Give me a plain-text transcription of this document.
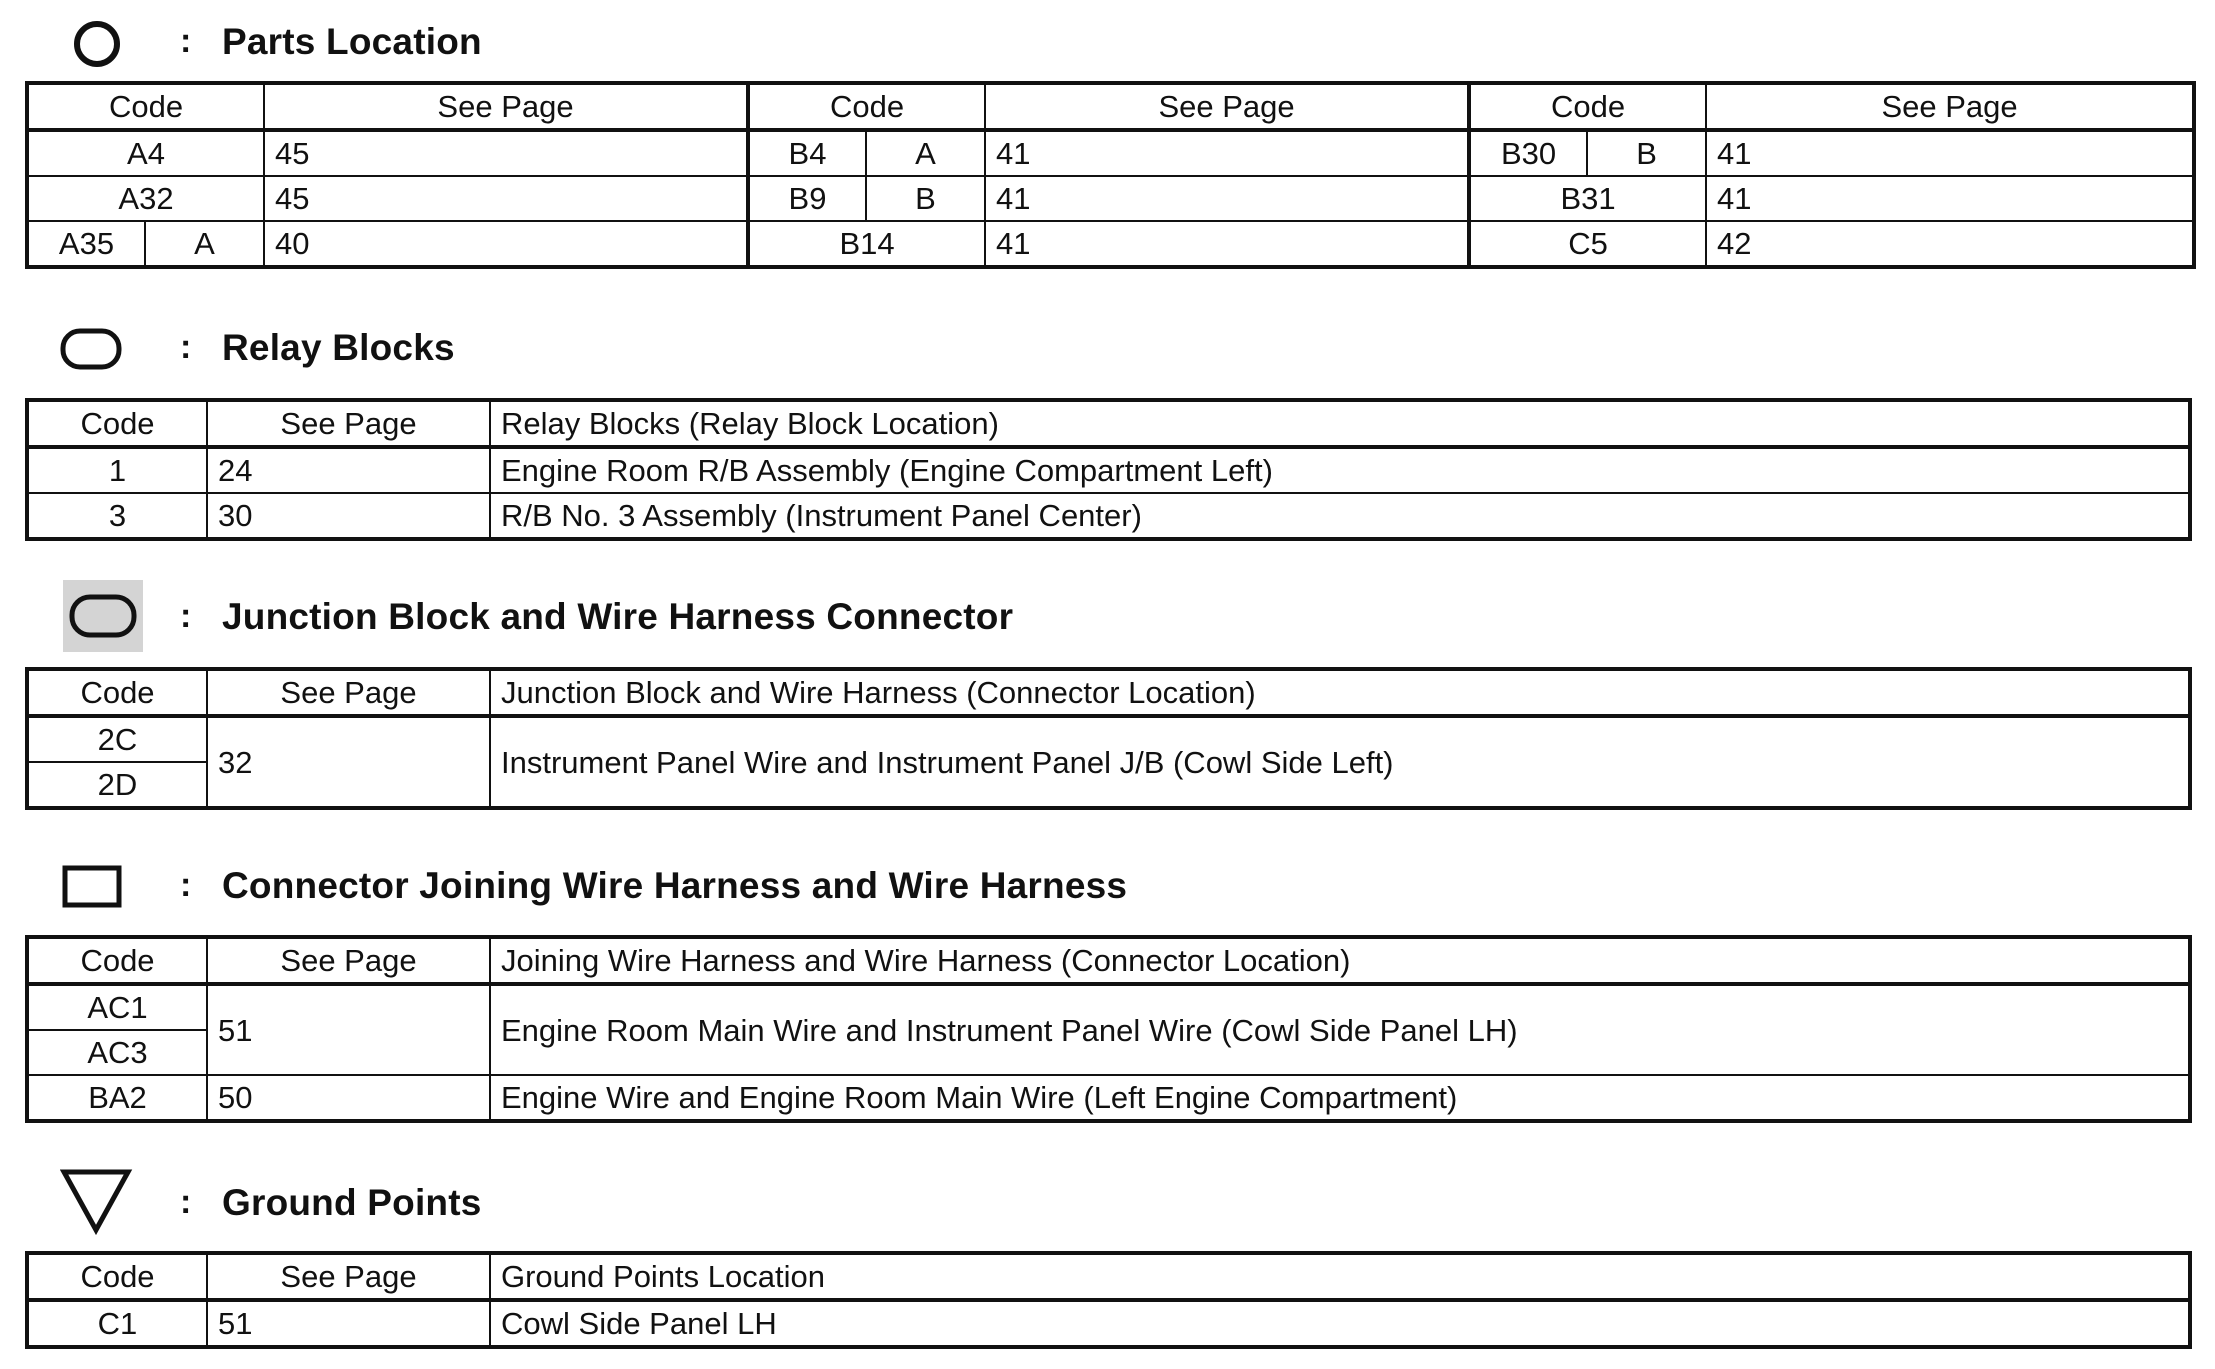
: Parts Location
Code		See Page	Code		See Page	Code		See Page
A4		45	B4	A	41	B30	B	41
A32		45	B9	B	41	B31		41
A35	A	40	B14		41	C5		42
: Relay Blocks
Code	See Page	Relay Blocks (Relay Block Location)
1	24	Engine Room R/B Assembly (Engine Compartment Left)
3	30	R/B No. 3 Assembly (Instrument Panel Center)
: Junction Block and Wire Harness Connector
Code	See Page	Junction Block and Wire Harness (Connector Location)
2C	32	Instrument Panel Wire and Instrument Panel J/B (Cowl Side Left)
2D		
: Connector Joining Wire Harness and Wire Harness
Code	See Page	Joining Wire Harness and Wire Harness (Connector Location)
AC1	51	Engine Room Main Wire and Instrument Panel Wire (Cowl Side Panel LH)
AC3		
BA2	50	Engine Wire and Engine Room Main Wire (Left Engine Compartment)
: Ground Points
Code	See Page	Ground Points Location
C1	51	Cowl Side Panel LH
